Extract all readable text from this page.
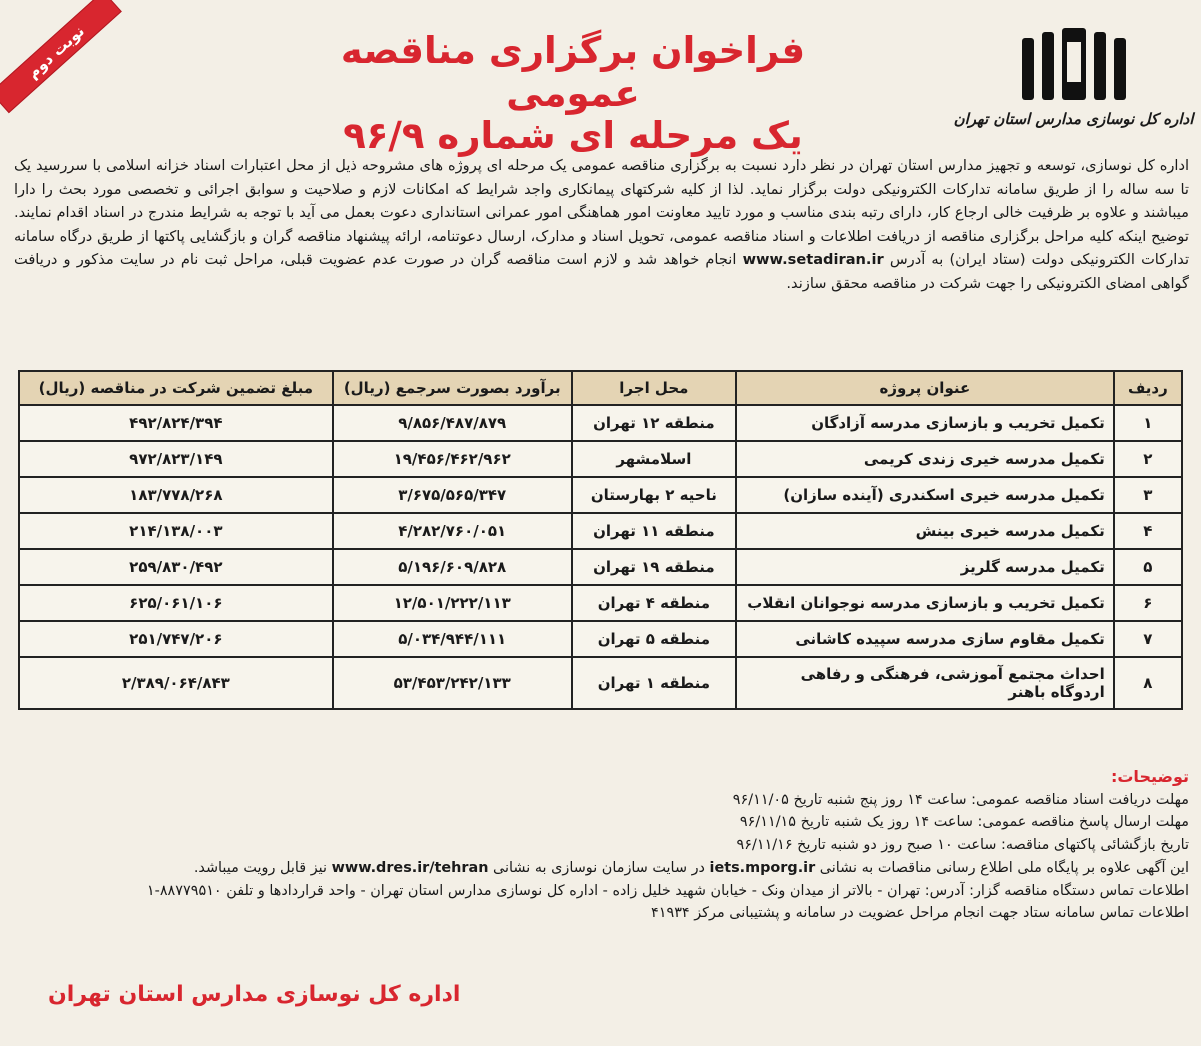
نوبت دوم
اداره کل نوسازی مدارس استان تهران
فراخوان برگزاری مناقصه عمومی
یک مرحله ای شماره ۹۶/۹

اداره کل نوسازی، توسعه و تجهیز مدارس استان تهران در نظر دارد نسبت به برگزاری مناقصه عمومی یک مرحله ای پروژه های مشروحه ذیل از محل اعتبارات اسناد خزانه اسلامی با سررسید یک تا سه ساله را از طریق سامانه تدارکات الکترونیکی دولت برگزار نماید. لذا از کلیه شرکتهای پیمانکاری واجد شرایط که امکانات لازم و صلاحیت و سوابق اجرائی و تخصصی مورد بحث را دارا میباشند و علاوه بر ظرفیت خالی ارجاع کار، دارای رتبه بندی مناسب و مورد تایید معاونت امور هماهنگی امور عمرانی استانداری دعوت بعمل می آید با توجه به شرایط مندرج در اسناد اقدام نمایند. توضیح اینکه کلیه مراحل برگزاری مناقصه از دریافت اطلاعات و اسناد مناقصه عمومی، تحویل اسناد و مدارک، ارسال دعوتنامه، ارائه پیشنهاد مناقصه گران و بازگشایی پاکتها از طریق درگاه سامانه تدارکات الکترونیکی دولت (ستاد ایران) به آدرس www.setadiran.ir انجام خواهد شد و لازم است مناقصه گران در صورت عدم عضویت قبلی، مراحل ثبت نام در سایت مذکور و دریافت گواهی امضای الکترونیکی را جهت شرکت در مناقصه محقق سازند.

ردیف	عنوان پروژه	محل اجرا	برآورد بصورت سرجمع (ریال)	مبلغ تضمین شرکت در مناقصه (ریال)
۱	تکمیل تخریب و بازسازی مدرسه آزادگان	منطقه ۱۲ تهران	۹/۸۵۶/۴۸۷/۸۷۹	۴۹۲/۸۲۴/۳۹۴
۲	تکمیل مدرسه خیری زندی کریمی	اسلامشهر	۱۹/۴۵۶/۴۶۲/۹۶۲	۹۷۲/۸۲۳/۱۴۹
۳	تکمیل مدرسه خیری اسکندری (آینده سازان)	ناحیه ۲ بهارستان	۳/۶۷۵/۵۶۵/۳۴۷	۱۸۳/۷۷۸/۲۶۸
۴	تکمیل مدرسه خیری بینش	منطقه ۱۱ تهران	۴/۲۸۲/۷۶۰/۰۵۱	۲۱۴/۱۳۸/۰۰۳
۵	تکمیل مدرسه گلریز	منطقه ۱۹ تهران	۵/۱۹۶/۶۰۹/۸۲۸	۲۵۹/۸۳۰/۴۹۲
۶	تکمیل تخریب و بازسازی مدرسه نوجوانان انقلاب	منطقه ۴ تهران	۱۲/۵۰۱/۲۲۲/۱۱۳	۶۲۵/۰۶۱/۱۰۶
۷	تکمیل مقاوم سازی مدرسه سپیده کاشانی	منطقه ۵ تهران	۵/۰۳۴/۹۴۴/۱۱۱	۲۵۱/۷۴۷/۲۰۶
۸	احداث مجتمع آموزشی، فرهنگی و رفاهی اردوگاه باهنر	منطقه ۱ تهران	۵۳/۴۵۳/۲۴۲/۱۳۳	۲/۳۸۹/۰۶۴/۸۴۳

توضیحات:

مهلت دریافت اسناد مناقصه عمومی: ساعت ۱۴ روز پنج شنبه تاریخ ۹۶/۱۱/۰۵

مهلت ارسال پاسخ مناقصه عمومی: ساعت ۱۴ روز یک شنبه تاریخ ۹۶/۱۱/۱۵

تاریخ بازگشائی پاکتهای مناقصه: ساعت ۱۰ صبح روز دو شنبه تاریخ ۹۶/۱۱/۱۶

این آگهی علاوه بر پایگاه ملی اطلاع رسانی مناقصات به نشانی iets.mporg.ir در سایت سازمان نوسازی به نشانی www.dres.ir/tehran نیز قابل رویت میباشد.

اطلاعات تماس دستگاه مناقصه گزار: آدرس: تهران - بالاتر از میدان ونک - خیابان شهید خلیل زاده - اداره کل نوسازی مدارس استان تهران - واحد قراردادها و تلفن ۸۸۷۷۹۵۱۰-۱

اطلاعات تماس سامانه ستاد جهت انجام مراحل عضویت در سامانه و پشتیبانی مرکز ۴۱۹۳۴

اداره کل نوسازی مدارس استان تهران
